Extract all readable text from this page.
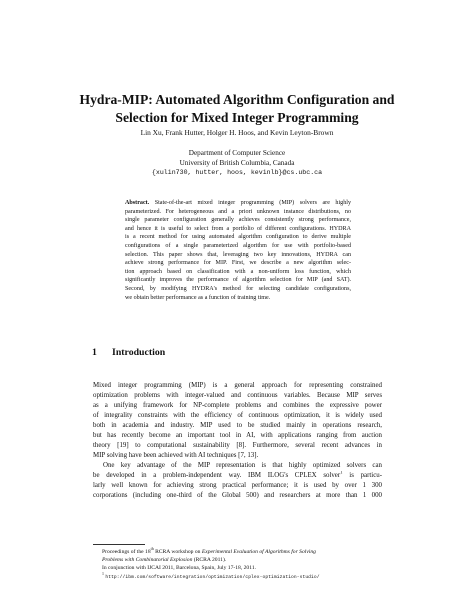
Hydra-MIP: Automated Algorithm Configuration and
Selection for Mixed Integer Programming
Lin Xu, Frank Hutter, Holger H. Hoos, and Kevin Leyton-Brown
Department of Computer Science
University of British Columbia, Canada
{xulin730, hutter, hoos, kevinlb}@cs.ubc.ca
Abstract. State-of-the-art mixed integer programming (MIP) solvers are highly
parameterized. For heterogeneous and a priori unknown instance distributions, no
single parameter configuration generally achieves consistently strong performance,
and hence it is useful to select from a portfolio of different configurations. HYDRA
is a recent method for using automated algorithm configuration to derive multiple
configurations of a single parameterized algorithm for use with portfolio-based
selection. This paper shows that, leveraging two key innovations, HYDRA can
achieve strong performance for MIP. First, we describe a new algorithm selec-
tion approach based on classification with a non-uniform loss function, which
significantly improves the performance of algorithm selection for MIP (and SAT).
Second, by modifying HYDRA's method for selecting candidate configurations,
we obtain better performance as a function of training time.
1 Introduction
Mixed integer programming (MIP) is a general approach for representing constrained
optimization problems with integer-valued and continuous variables. Because MIP serves
as a unifying framework for NP-complete problems and combines the expressive power
of integrality constraints with the efficiency of continuous optimization, it is widely used
both in academia and industry. MIP used to be studied mainly in operations research,
but has recently become an important tool in AI, with applications ranging from auction
theory [19] to computational sustainability [8]. Furthermore, several recent advances in
MIP solving have been achieved with AI techniques [7, 13].
One key advantage of the MIP representation is that highly optimized solvers can
be developed in a problem-independent way. IBM ILOG's CPLEX solver$^1$ is particu-
larly well known for achieving strong practical performance; it is used by over 1 300
corporations (including one-third of the Global 500) and researchers at more than 1 000
Proceedings of the 18th RCRA workshop on Experimental Evaluation of Algorithms for Solving
Problems with Combinatorial Explosion (RCRA 2011).
In conjunction with IJCAI 2011, Barcelona, Spain, July 17-18, 2011.
$^1$ http://ibm.com/software/integration/optimization/cplex-optimization-studio/
